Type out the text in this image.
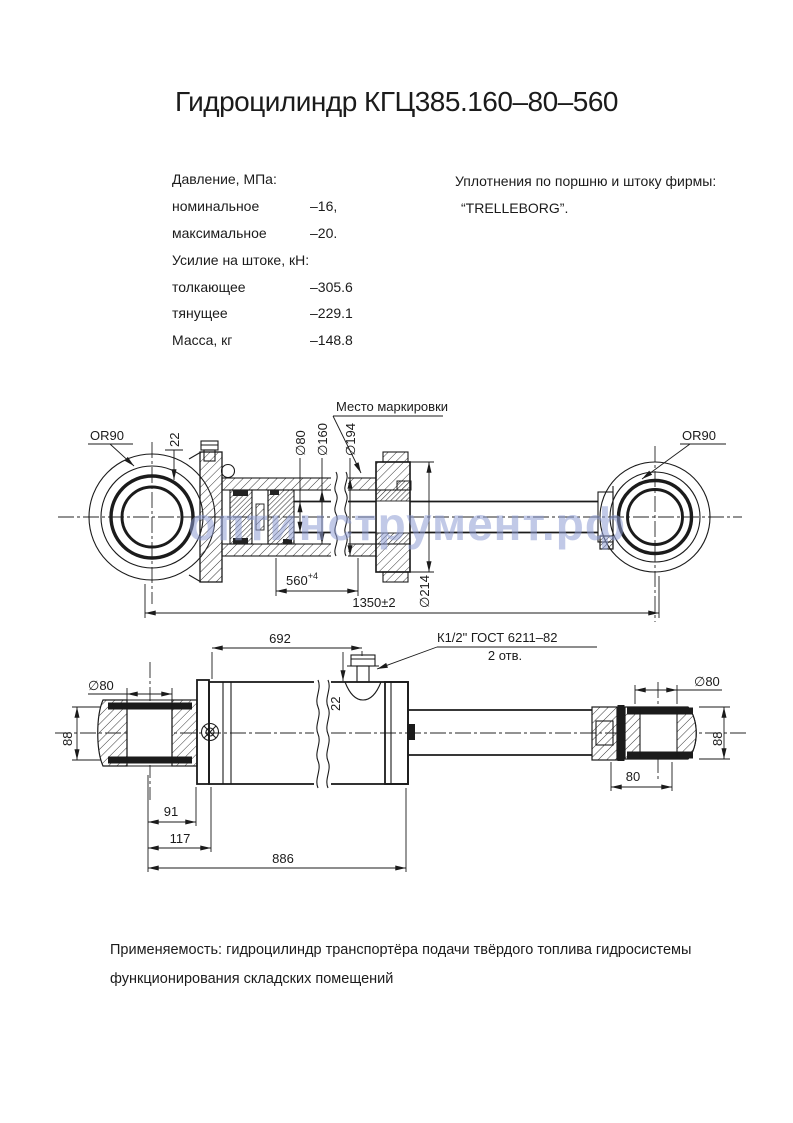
Гидроцилиндр КГЦ385.160–80–560
Давление, МПа:
номинальное	–16,
максимальное	–20.
Усилие на штоке, кН:
толкающее	–305.6
тянущее	–229.1
Масса, кг	–148.8
Уплотнения по поршню и штоку фирмы:
“TRELLEBORG”.
OR90	OR90
22	∅80 ∅160 ∅194
Место маркировки
$560^{+4}$
1350±2 ∅214
692	К1/2" ГОСТ 6211–82
2 отв.
∅80
88
22
∅80
88
80
91
117
886
оптинструмент.рф
Применяемость: гидроцилиндр транспортёра подачи твёрдого топлива гидросистемы
функционирования складских помещений
